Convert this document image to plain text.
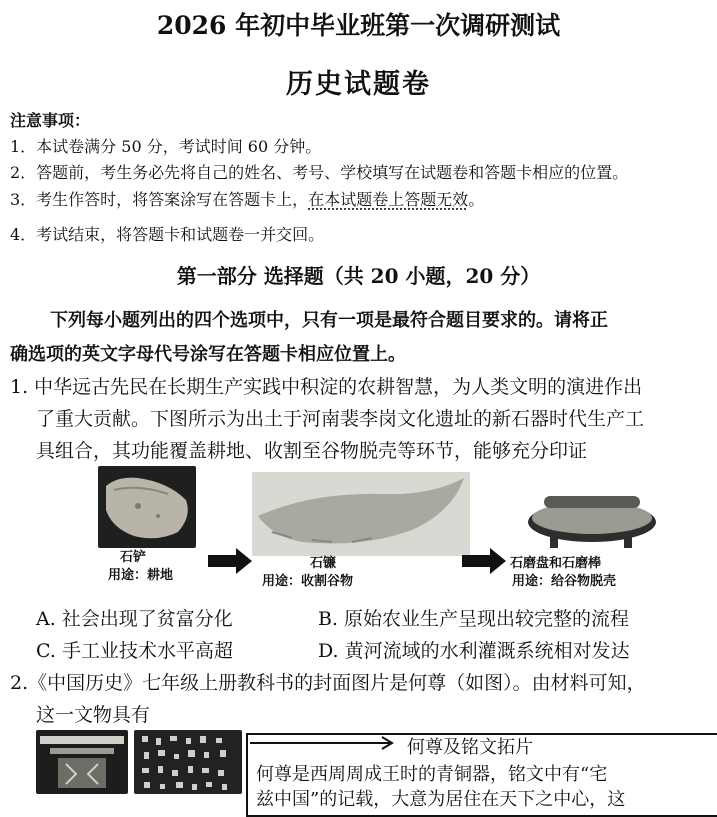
2026 年初中毕业班第一次调研测试
历史试题卷
注意事项：
1．本试卷满分 50 分，考试时间 60 分钟。
2．答题前，考生务必先将自己的姓名、考号、学校填写在试题卷和答题卡相应的位置。
3．考生作答时，将答案涂写在答题卡上，在本试题卷上答题无效。
4．考试结束，将答题卡和试题卷一并交回。
第一部分 选择题（共 20 小题，20 分）
下列每小题列出的四个选项中，只有一项是最符合题目要求的。请将正
确选项的英文字母代号涂写在答题卡相应位置上。
1. 中华远古先民在长期生产实践中积淀的农耕智慧，为人类文明的演进作出
了重大贡献。下图所示为出土于河南裴李岗文化遗址的新石器时代生产工
具组合，其功能覆盖耕地、收割至谷物脱壳等环节，能够充分印证
石铲
用途：耕地
石镰
用途：收割谷物
石磨盘和石磨棒
用途：给谷物脱壳
A. 社会出现了贫富分化	B. 原始农业生产呈现出较完整的流程
C. 手工业技术水平高超	D. 黄河流域的水利灌溉系统相对发达
2.《中国历史》七年级上册教科书的封面图片是何尊（如图）。由材料可知，
这一文物具有
何尊及铭文拓片
何尊是西周周成王时的青铜器，铭文中有“宅
兹中国”的记载，大意为居住在天下之中心，这
